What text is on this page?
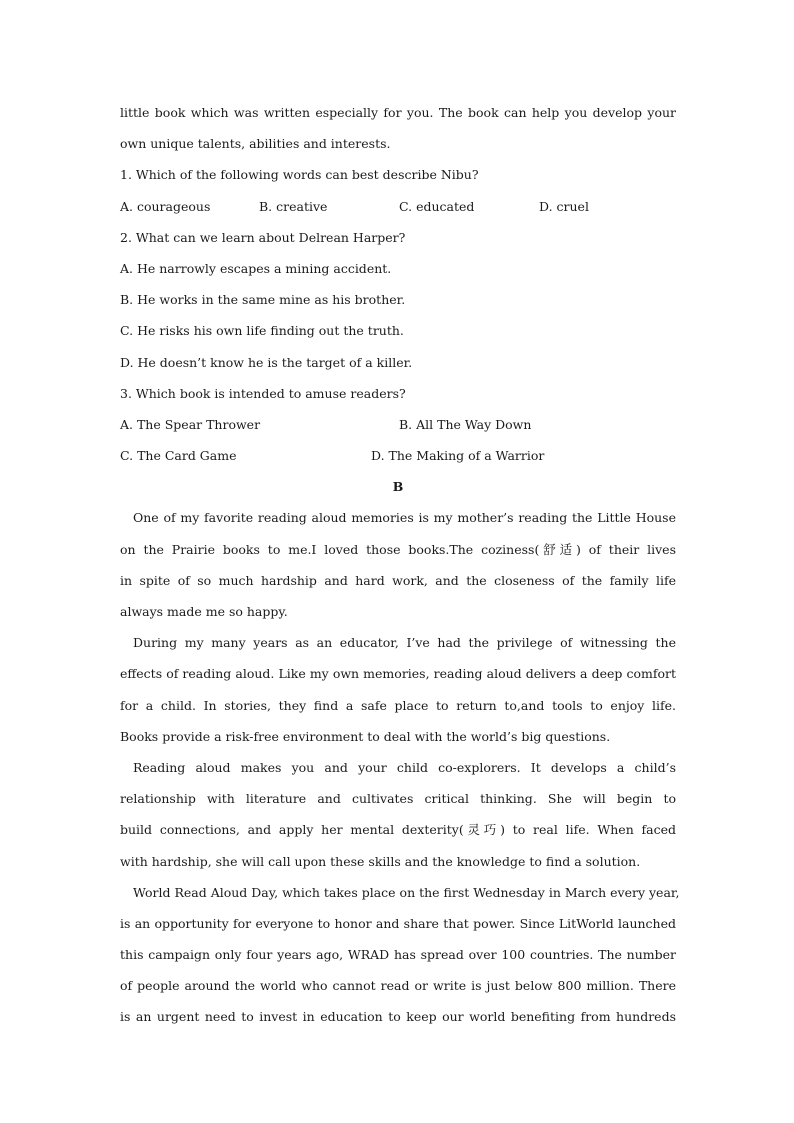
little book which was written especially for you. The book can help you develop your
own unique talents, abilities and interests.
1. Which of the following words can best describe Nibu?
A. courageous	B. creative	C. educated	D. cruel
2. What can we learn about Delrean Harper?
A. He narrowly escapes a mining accident.
B. He works in the same mine as his brother.
C. He risks his own life finding out the truth.
D. He doesn’t know he is the target of a killer.
3. Which book is intended to amuse readers?
A. The Spear Thrower	B. All The Way Down
C. The Card Game	D. The Making of a Warrior
B
One of my favorite reading aloud memories is my mother’s reading the Little House
on the Prairie books to me.I loved those books.The coziness(舒适) of their lives
in spite of so much hardship and hard work, and the closeness of the family life
always made me so happy.
During my many years as an educator, I’ve had the privilege of witnessing the
effects of reading aloud. Like my own memories, reading aloud delivers a deep comfort
for a child. In stories, they find a safe place to return to,and tools to enjoy life.
Books provide a risk-free environment to deal with the world’s big questions.
Reading aloud makes you and your child co-explorers. It develops a child’s
relationship with literature and cultivates critical thinking. She will begin to
build connections, and apply her mental dexterity(灵巧) to real life. When faced
with hardship, she will call upon these skills and the knowledge to find a solution.
World Read Aloud Day, which takes place on the first Wednesday in March every year,
is an opportunity for everyone to honor and share that power. Since LitWorld launched
this campaign only four years ago, WRAD has spread over 100 countries. The number
of people around the world who cannot read or write is just below 800 million. There
is an urgent need to invest in education to keep our world benefiting from hundreds
